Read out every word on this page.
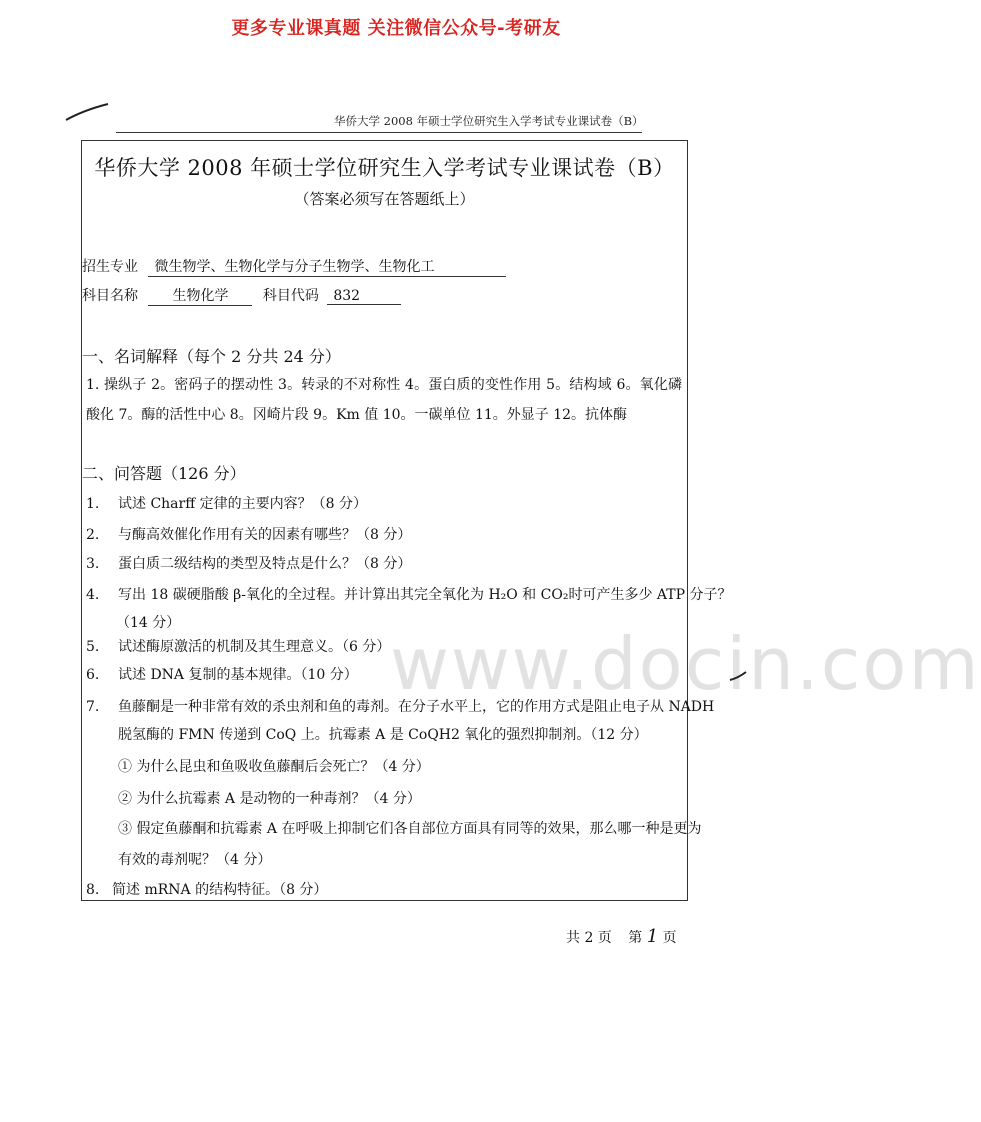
更多专业课真题 关注微信公众号-考研友
华侨大学 2008 年硕士学位研究生入学考试专业课试卷（B）
华侨大学 2008 年硕士学位研究生入学考试专业课试卷（B）
（答案必须写在答题纸上）
招生专业 微生物学、生物化学与分子生物学、生物化工
科目名称 生物化学 科目代码 832
一、名词解释（每个 2 分共 24 分）
1. 操纵子 2。密码子的摆动性 3。转录的不对称性 4。蛋白质的变性作用 5。结构域 6。氧化磷酸化 7。酶的活性中心 8。冈崎片段 9。Km 值 10。一碳单位 11。外显子 12。抗体酶
二、问答题（126 分）
1. 试述 Charff 定律的主要内容？（8 分）
2. 与酶高效催化作用有关的因素有哪些？（8 分）
3. 蛋白质二级结构的类型及特点是什么？（8 分）
4. 写出 18 碳硬脂酸 β-氧化的全过程。并计算出其完全氧化为 H₂O 和 CO₂时可产生多少 ATP 分子？
（14 分）	www.docin.com
5. 试述酶原激活的机制及其生理意义。（6 分）
6. 试述 DNA 复制的基本规律。（10 分）
7. 鱼藤酮是一种非常有效的杀虫剂和鱼的毒剂。在分子水平上，它的作用方式是阻止电子从 NADH
脱氢酶的 FMN 传递到 CoQ 上。抗霉素 A 是 CoQH2 氧化的强烈抑制剂。（12 分）
① 为什么昆虫和鱼吸收鱼藤酮后会死亡？（4 分）
② 为什么抗霉素 A 是动物的一种毒剂？（4 分）
③ 假定鱼藤酮和抗霉素 A 在呼吸上抑制它们各自部位方面具有同等的效果，那么哪一种是更为
有效的毒剂呢？（4 分）
8. 简述 mRNA 的结构特征。（8 分）
共 2 页 第 1 页
